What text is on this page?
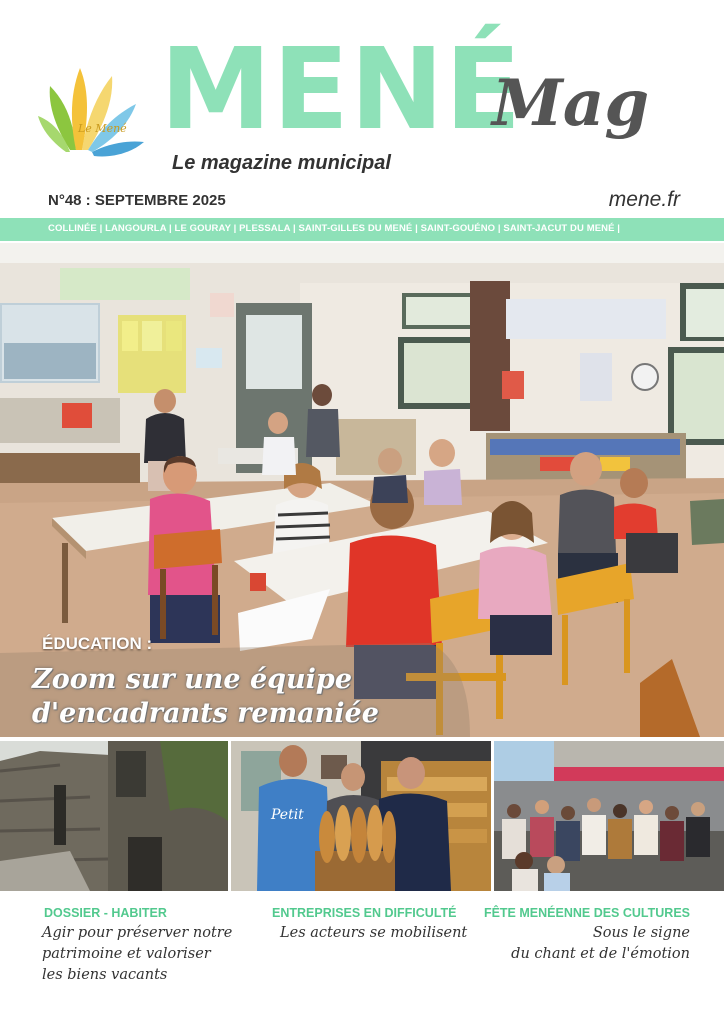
Le Mené MENÉ
Mag
Le magazine municipal
N°48 : SEPTEMBRE 2025	mene.fr
COLLINÉE | LANGOURLA | LE GOURAY | PLESSALA | SAINT-GILLES DU MENÉ | SAINT-GOUÉNO | SAINT-JACUT DU MENÉ |
ÉDUCATION :
Zoom sur une équipe
d'encadrants remaniée
Petit
DOSSIER - HABITER
Agir pour préserver notre
patrimoine et valoriser
les biens vacants
ENTREPRISES EN DIFFICULTÉ
Les acteurs se mobilisent
FÊTE MENÉENNE DES CULTURES
Sous le signe
du chant et de l'émotion
